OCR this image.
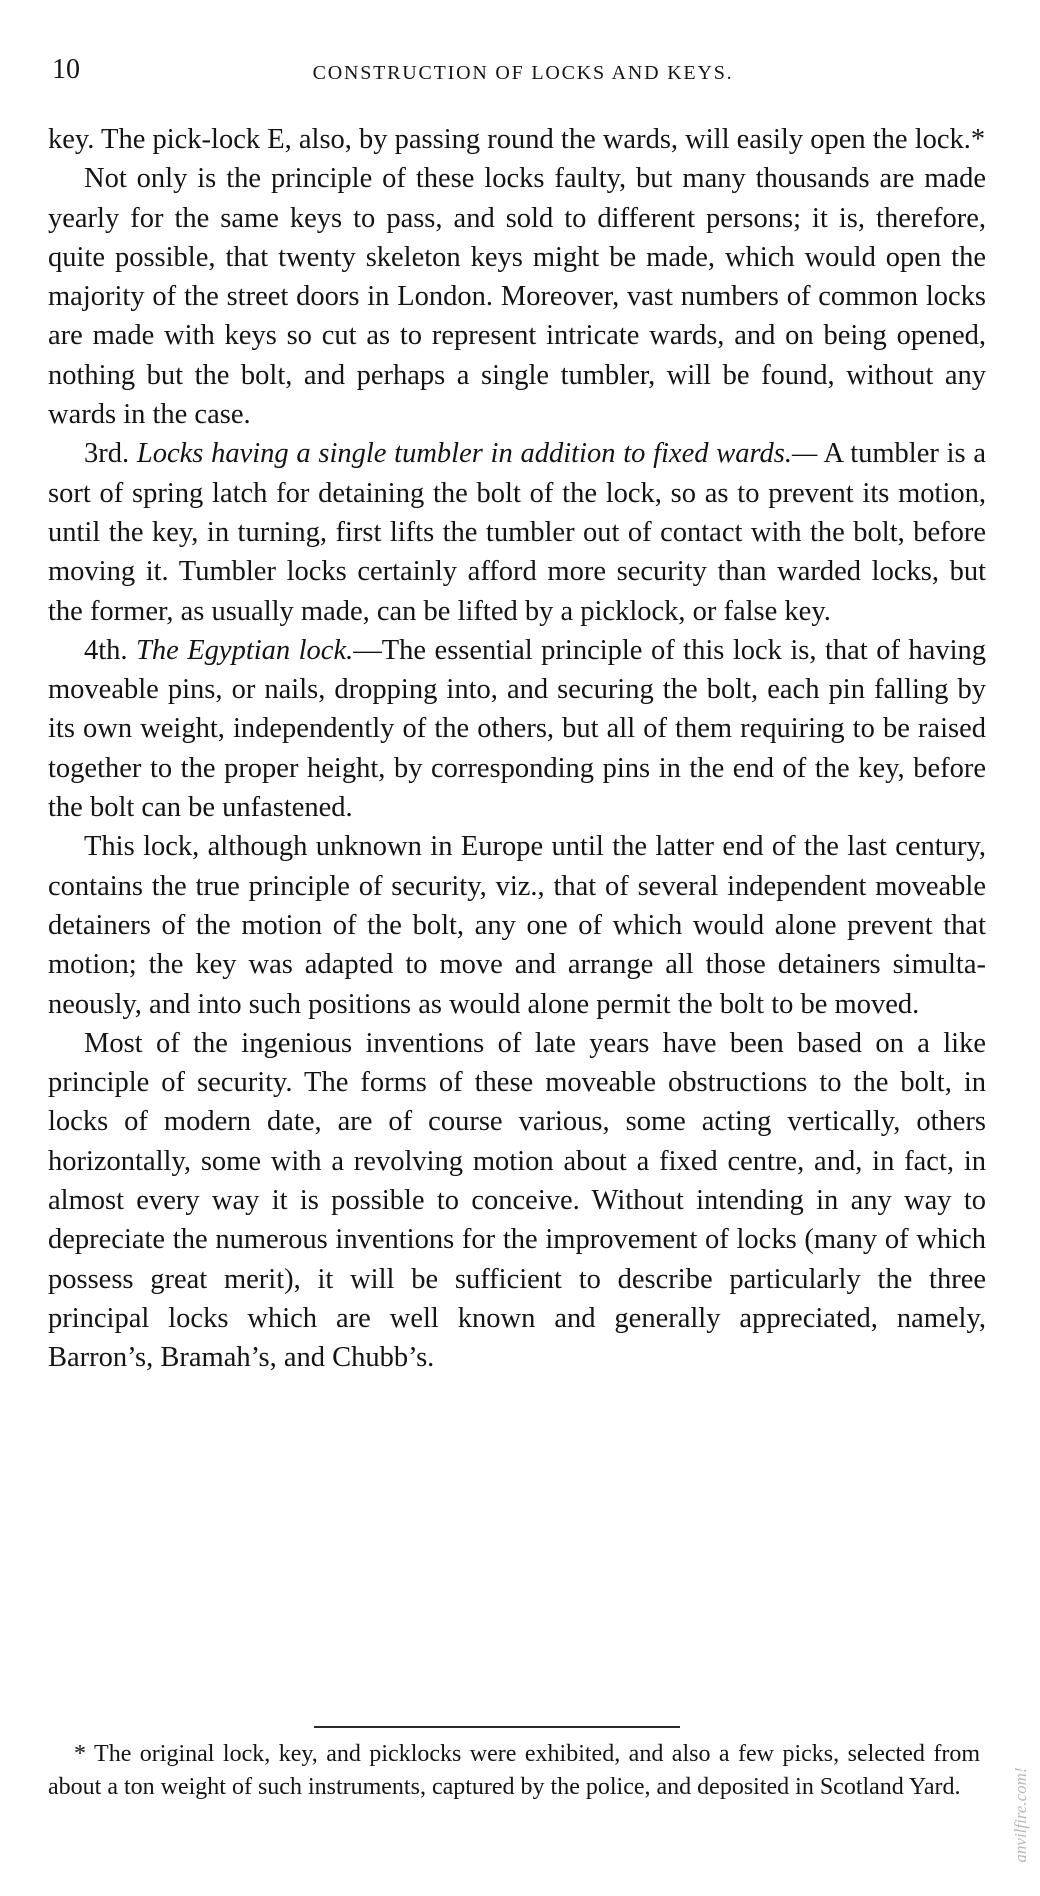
10	CONSTRUCTION OF LOCKS AND KEYS.

key. The pick-lock E, also, by passing round the wards, will easily open the lock.*

Not only is the principle of these locks faulty, but many thousands are made yearly for the same keys to pass, and sold to different persons; it is, therefore, quite possible, that twenty skeleton keys might be made, which would open the majority of the street doors in London. Moreover, vast numbers of common locks are made with keys so cut as to represent intricate wards, and on being opened, nothing but the bolt, and perhaps a single tumbler, will be found, without any wards in the case.

3rd. Locks having a single tumbler in addition to fixed wards.— A tumbler is a sort of spring latch for detaining the bolt of the lock, so as to prevent its motion, until the key, in turning, first lifts the tumbler out of contact with the bolt, before moving it. Tumbler locks certainly afford more security than warded locks, but the former, as usually made, can be lifted by a picklock, or false key.

4th. The Egyptian lock.—The essential principle of this lock is, that of having moveable pins, or nails, dropping into, and securing the bolt, each pin falling by its own weight, independently of the others, but all of them requiring to be raised together to the proper height, by corresponding pins in the end of the key, before the bolt can be unfastened.

This lock, although unknown in Europe until the latter end of the last century, contains the true principle of security, viz., that of several independent moveable detainers of the motion of the bolt, any one of which would alone prevent that motion; the key was adapted to move and arrange all those detainers simultaneously, and into such positions as would alone permit the bolt to be moved.

Most of the ingenious inventions of late years have been based on a like principle of security. The forms of these moveable obstructions to the bolt, in locks of modern date, are of course various, some acting vertically, others horizontally, some with a revolving motion about a fixed centre, and, in fact, in almost every way it is possible to conceive. Without intending in any way to depreciate the numerous inventions for the improvement of locks (many of which possess great merit), it will be sufficient to describe particularly the three principal locks which are well known and generally appreciated, namely, Barron’s, Bramah’s, and Chubb’s.

* The original lock, key, and picklocks were exhibited, and also a few picks, selected from about a ton weight of such instruments, captured by the police, and deposited in Scotland Yard.	anvilfire.com!
